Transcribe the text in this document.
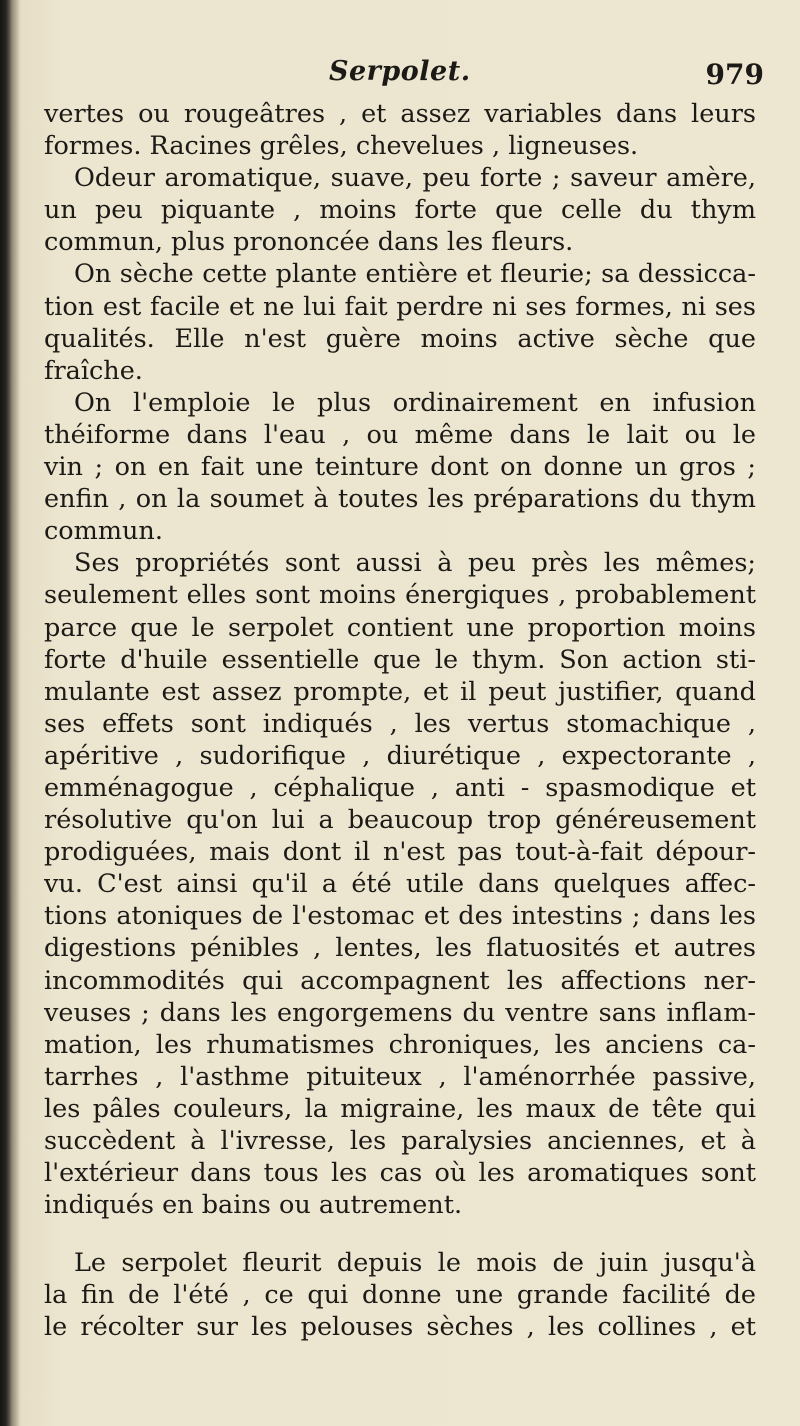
Serpolet.	979
vertes ou rougeâtres , et assez variables dans leurs
formes. Racines grêles, chevelues , ligneuses.
Odeur aromatique, suave, peu forte ; saveur amère,
un peu piquante , moins forte que celle du thym
commun, plus prononcée dans les fleurs.
On sèche cette plante entière et fleurie; sa dessicca-
tion est facile et ne lui fait perdre ni ses formes, ni ses
qualités. Elle n'est guère moins active sèche que
fraîche.
On l'emploie le plus ordinairement en infusion
théiforme dans l'eau , ou même dans le lait ou le
vin ; on en fait une teinture dont on donne un gros ;
enfin , on la soumet à toutes les préparations du thym
commun.
Ses propriétés sont aussi à peu près les mêmes;
seulement elles sont moins énergiques , probablement
parce que le serpolet contient une proportion moins
forte d'huile essentielle que le thym. Son action sti-
mulante est assez prompte, et il peut justifier, quand
ses effets sont indiqués , les vertus stomachique ,
apéritive , sudorifique , diurétique , expectorante ,
emménagogue , céphalique , anti - spasmodique et
résolutive qu'on lui a beaucoup trop généreusement
prodiguées, mais dont il n'est pas tout-à-fait dépour-
vu. C'est ainsi qu'il a été utile dans quelques affec-
tions atoniques de l'estomac et des intestins ; dans les
digestions pénibles , lentes, les flatuosités et autres
incommodités qui accompagnent les affections ner-
veuses ; dans les engorgemens du ventre sans inflam-
mation, les rhumatismes chroniques, les anciens ca-
tarrhes , l'asthme pituiteux , l'aménorrhée passive,
les pâles couleurs, la migraine, les maux de tête qui
succèdent à l'ivresse, les paralysies anciennes, et à
l'extérieur dans tous les cas où les aromatiques sont
indiqués en bains ou autrement.
Le serpolet fleurit depuis le mois de juin jusqu'à
la fin de l'été , ce qui donne une grande facilité de
le récolter sur les pelouses sèches , les collines , et
